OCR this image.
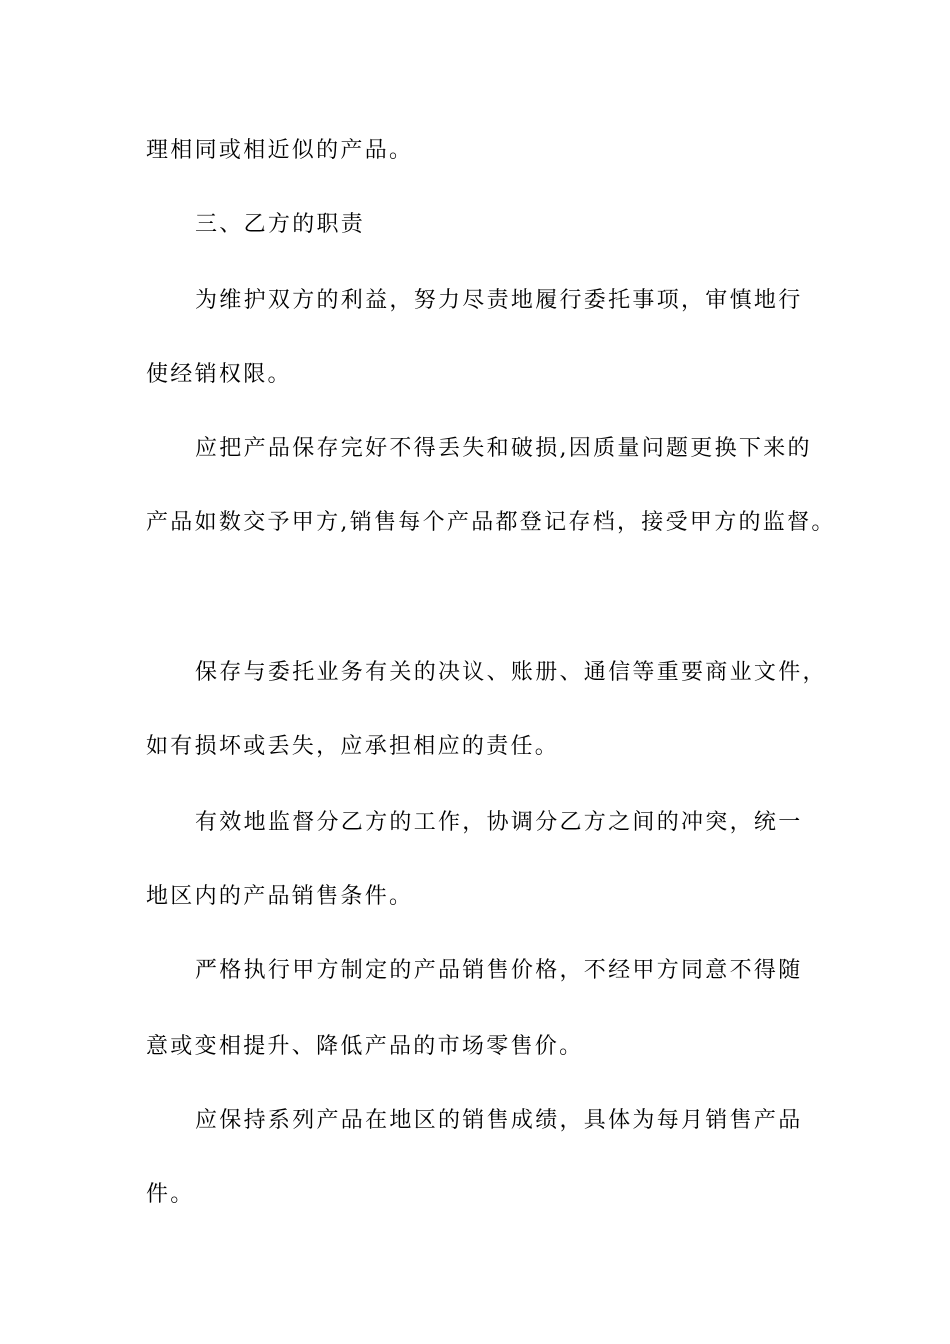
理相同或相近似的产品。
三、乙方的职责
为维护双方的利益，努力尽责地履行委托事项，审慎地行
使经销权限。
应把产品保存完好不得丢失和破损,因质量问题更换下来的
产品如数交予甲方,销售每个产品都登记存档，接受甲方的监督。
保存与委托业务有关的决议、账册、通信等重要商业文件，
如有损坏或丢失，应承担相应的责任。
有效地监督分乙方的工作，协调分乙方之间的冲突，统一
地区内的产品销售条件。
严格执行甲方制定的产品销售价格，不经甲方同意不得随
意或变相提升、降低产品的市场零售价。
应保持系列产品在地区的销售成绩，具体为每月销售产品
件。
